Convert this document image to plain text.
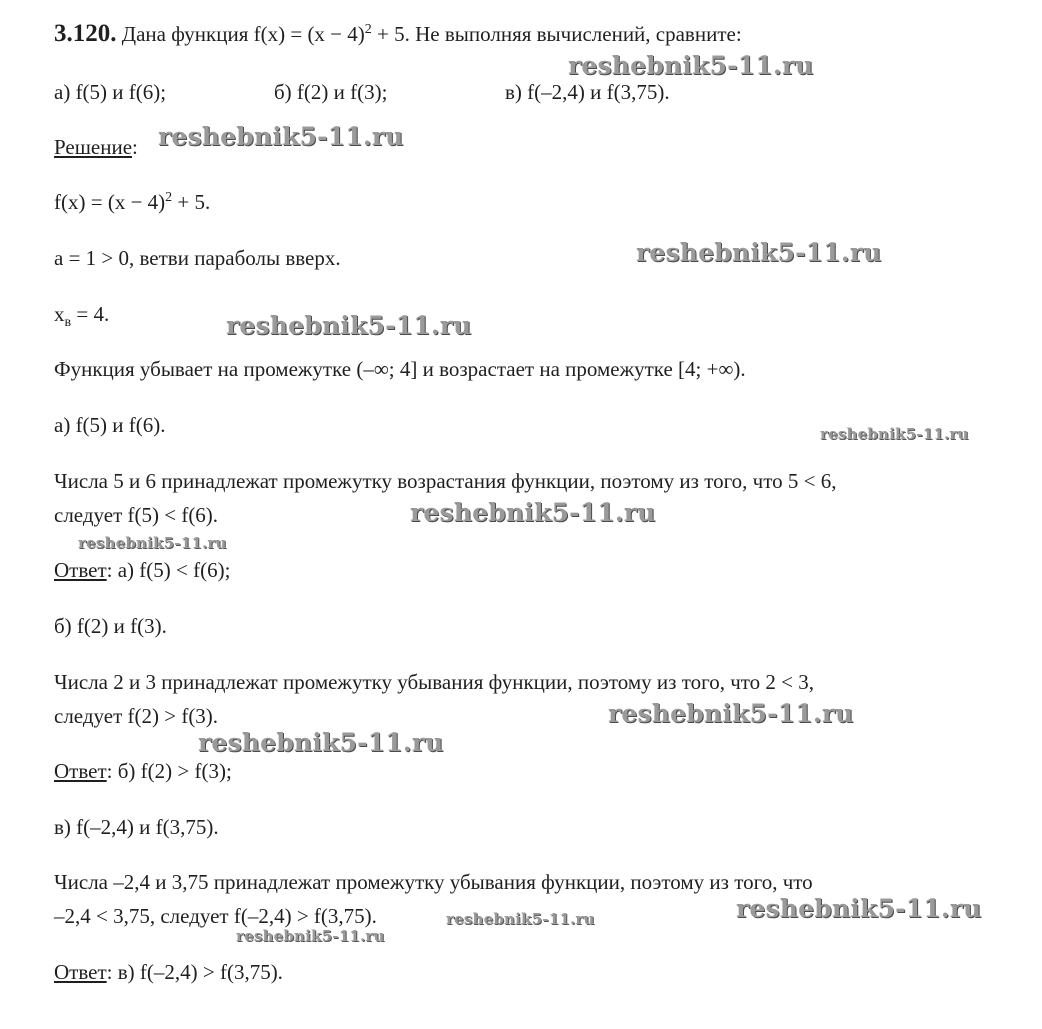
3.120. Дана функция $f(x) = (x - 4)^2 + 5$. Не выполняя вычислений, сравните:
а) f(5) и f(6);	б) f(2) и f(3);	в) f(–2,4) и f(3,75).
Решение:
$f(x) = (x - 4)^2 + 5$.
a = 1 > 0, ветви параболы вверх.
$x_в = 4$.
Функция убывает на промежутке (–∞; 4] и возрастает на промежутке [4; +∞).
а) f(5) и f(6).
Числа 5 и 6 принадлежат промежутку возрастания функции, поэтому из того, что 5 < 6,
следует f(5) < f(6).
Ответ: а) f(5) < f(6);
б) f(2) и f(3).
Числа 2 и 3 принадлежат промежутку убывания функции, поэтому из того, что 2 < 3,
следует f(2) > f(3).
Ответ: б) f(2) > f(3);
в) f(–2,4) и f(3,75).
Числа –2,4 и 3,75 принадлежат промежутку убывания функции, поэтому из того, что
–2,4 < 3,75, следует f(–2,4) > f(3,75).
Ответ: в) f(–2,4) > f(3,75).
reshebnik5-11.ru
reshebnik5-11.ru
reshebnik5-11.ru
reshebnik5-11.ru
reshebnik5-11.ru
reshebnik5-11.ru
reshebnik5-11.ru
reshebnik5-11.ru
reshebnik5-11.ru
reshebnik5-11.ru	reshebnik5-11.ru
reshebnik5-11.ru
